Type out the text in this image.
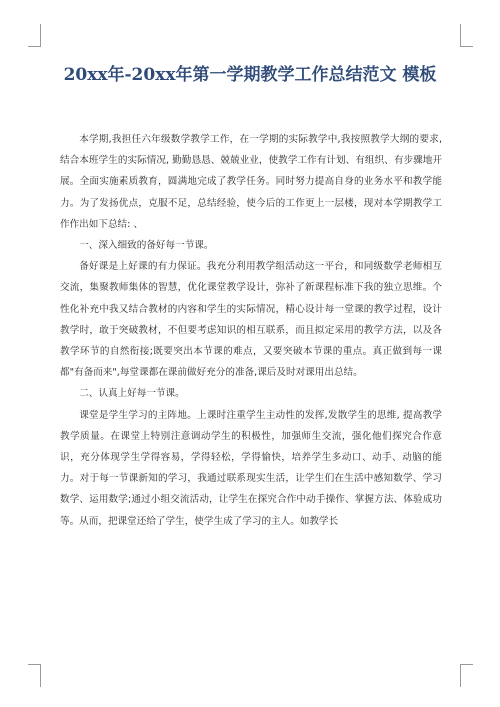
20xx年-20xx年第一学期教学工作总结范文 模板

本学期,我担任六年级数学教学工作，在一学期的实际教学中,我按照教学大纲的要求,结合本班学生的实际情况, 勤勤恳恳、兢兢业业，使教学工作有计划、有组织、有步骤地开展。全面实施素质教育，圆满地完成了教学任务。同时努力提高自身的业务水平和教学能力。为了发扬优点，克服不足，总结经验，使今后的工作更上一层楼，现对本学期教学工作作出如下总结: 、

一、深入细致的备好每一节课。

备好课是上好课的有力保证。我充分利用教学组活动这一平台，和同级数学老师相互交流，集聚教师集体的智慧，优化课堂教学设计，弥补了新课程标准下我的独立思维。个性化补充中我又结合教材的内容和学生的实际情况，精心设计每一堂课的教学过程，设计教学时，敢于突破教材，不但要考虑知识的相互联系，而且拟定采用的教学方法，以及各教学环节的自然衔接;既要突出本节课的难点，又要突破本节课的重点。真正做到每一课都"有备而来",每堂课都在课前做好充分的准备,课后及时对课用出总结。

二、认真上好每一节课。

课堂是学生学习的主阵地。上课时注重学生主动性的发挥,发散学生的思维, 提高教学教学质量。在课堂上特别注意调动学生的积极性，加强师生交流，强化他们探究合作意识，充分体现学生学得容易，学得轻松，学得愉快，培养学生多动口、动手、动脑的能力。对于每一节课新知的学习，我通过联系现实生活，让学生们在生活中感知数学、学习数学、运用数学;通过小组交流活动，让学生在探究合作中动手操作、掌握方法、体验成功等。从而，把课堂还给了学生，使学生成了学习的主人。如教学长
